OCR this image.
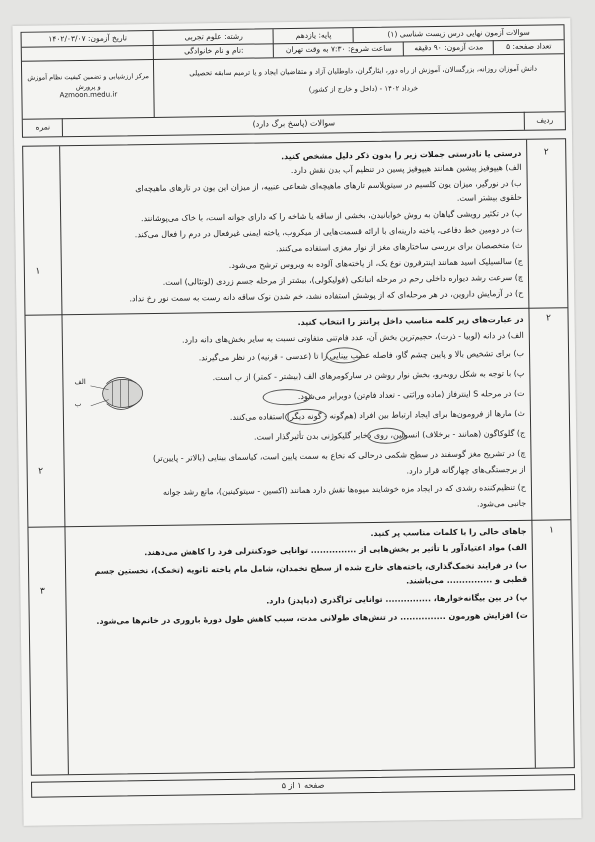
سوالات آزمون نهایی درس زیست شناسی (۱)
پایه: یازدهم
رشته: علوم تجربی
تاریخ آزمون: ۱۴۰۲/۰۳/۰۷
تعداد صفحه: ۵
مدت آزمون: ۹۰ دقیقه
ساعت شروع: ۷:۳۰ به وقت تهران
نام و نام خانوادگی:
دانش آموزان روزانه، بزرگسالان، آموزش از راه دور، ایثارگران، داوطلبان آزاد و متقاضیان ایجاد و یا ترمیم سابقه تحصیلی
(داخل و خارج از کشور) - خرداد ۱۴۰۲
مرکز ارزشیابی و تضمین کیفیت نظام آموزش و پرورش
Azmoon.medu.ir
ردیف
سوالات (پاسخ برگ دارد)
نمره
۲
۱
درستی یا نادرستی جملات زیر را بدون ذکر دلیل مشخص کنید.
الف) هیپوفیز پیشین همانند هیپوفیز پسین در تنظیم آب بدن نقش دارد.
ب) در نورگیر، میزان یون کلسیم در سیتوپلاسم تارهای ماهیچه‌ای شعاعی عنبیه، از میزان این یون در تارهای ماهیچه‌ای
حلقوی بیشتر است.
پ) در تکثیر رویشی گیاهان به روش خوابانیدن، بخشی از ساقه یا شاخه را که دارای جوانه است، با خاک می‌پوشانند.
ت) در دومین خط دفاعی، یاخته دارینه‌ای با ارائه قسمت‌هایی از میکروب، یاخته ایمنی غیرفعال در درم را فعال می‌کند.
ث) متخصصان برای بررسی ساختارهای مغز از نوار مغزی استفاده می‌کنند.
ج) سالسیلیک اسید همانند اینترفرون نوع یک، از یاخته‌های آلوده به ویروس ترشح می‌شود.
چ) سرعت رشد دیواره داخلی رحم در مرحله انبانکی (فولیکولی)، بیشتر از مرحله جسم زردی (لوتئالی) است.
ح) در آزمایش داروین، در هر مرحله‌ای که از پوشش استفاده نشد، خم شدن نوک ساقه دانه رست به سمت نور رخ نداد.
۲
۲
در عبارت‌های زیر کلمه مناسب داخل پرانتز را انتخاب کنید.
الف) در دانه (لوبیا - ذرت)، حجیم‌ترین بخش آن، عدد فام‌تنی متفاوتی نسبت به سایر بخش‌های دانه دارد.
ب) برای تشخیص بالا و پایین چشم گاو، فاصله عصب بینایی را تا (عدسی - قرنیه) در نظر می‌گیرند.
پ) با توجه به شکل روبه‌رو، بخش نوار روشن در سارکومرهای الف (بیشتر - کمتر) از ب است.
ت) در مرحله S اینترفاز (ماده وراثتی - تعداد فام‌تن) دوبرابر می‌شود.
ث) مارها از فرومون‌ها برای ایجاد ارتباط بین افراد (هم‌گونه - گونه دیگر) استفاده می‌کنند.
ج) گلوکاگون (همانند - برخلاف) انسولین، روی ذخایر گلیکوژنی بدن تأثیرگذار است.
چ) در تشریح مغز گوسفند در سطح شکمی درحالی که نخاع به سمت پایین است، کیاسمای بینایی (بالاتر - پایین‌تر)
از برجستگی‌های چهارگانه قرار دارد.
ح) تنظیم‌کننده رشدی که در ایجاد مزه خوشایند میوه‌ها نقش دارد همانند (اکسین - سیتوکینین)، مانع رشد جوانه
جانبی می‌شود.
الف
ب
۱
۳
جاهای خالی را با کلمات مناسب پر کنید.
الف) مواد اعتیادآور با تأثیر بر بخش‌هایی از ............... توانایی خودکنترلی فرد را کاهش می‌دهند.
ب) در فرایند تخمک‌گذاری، یاخته‌های خارج شده از سطح تخمدان، شامل مام یاخته ثانویه (تخمک)، نخستین جسم
قطبی و ............... می‌باشند.
پ) در بین بیگانه‌خوارها، ............... توانایی تراگذری (دیاپدز) دارد.
ت) افزایش هورمون ............... در تنش‌های طولانی مدت، سبب کاهش طول دورهٔ باروری در خانم‌ها می‌شود.
صفحه ۱ از ۵
